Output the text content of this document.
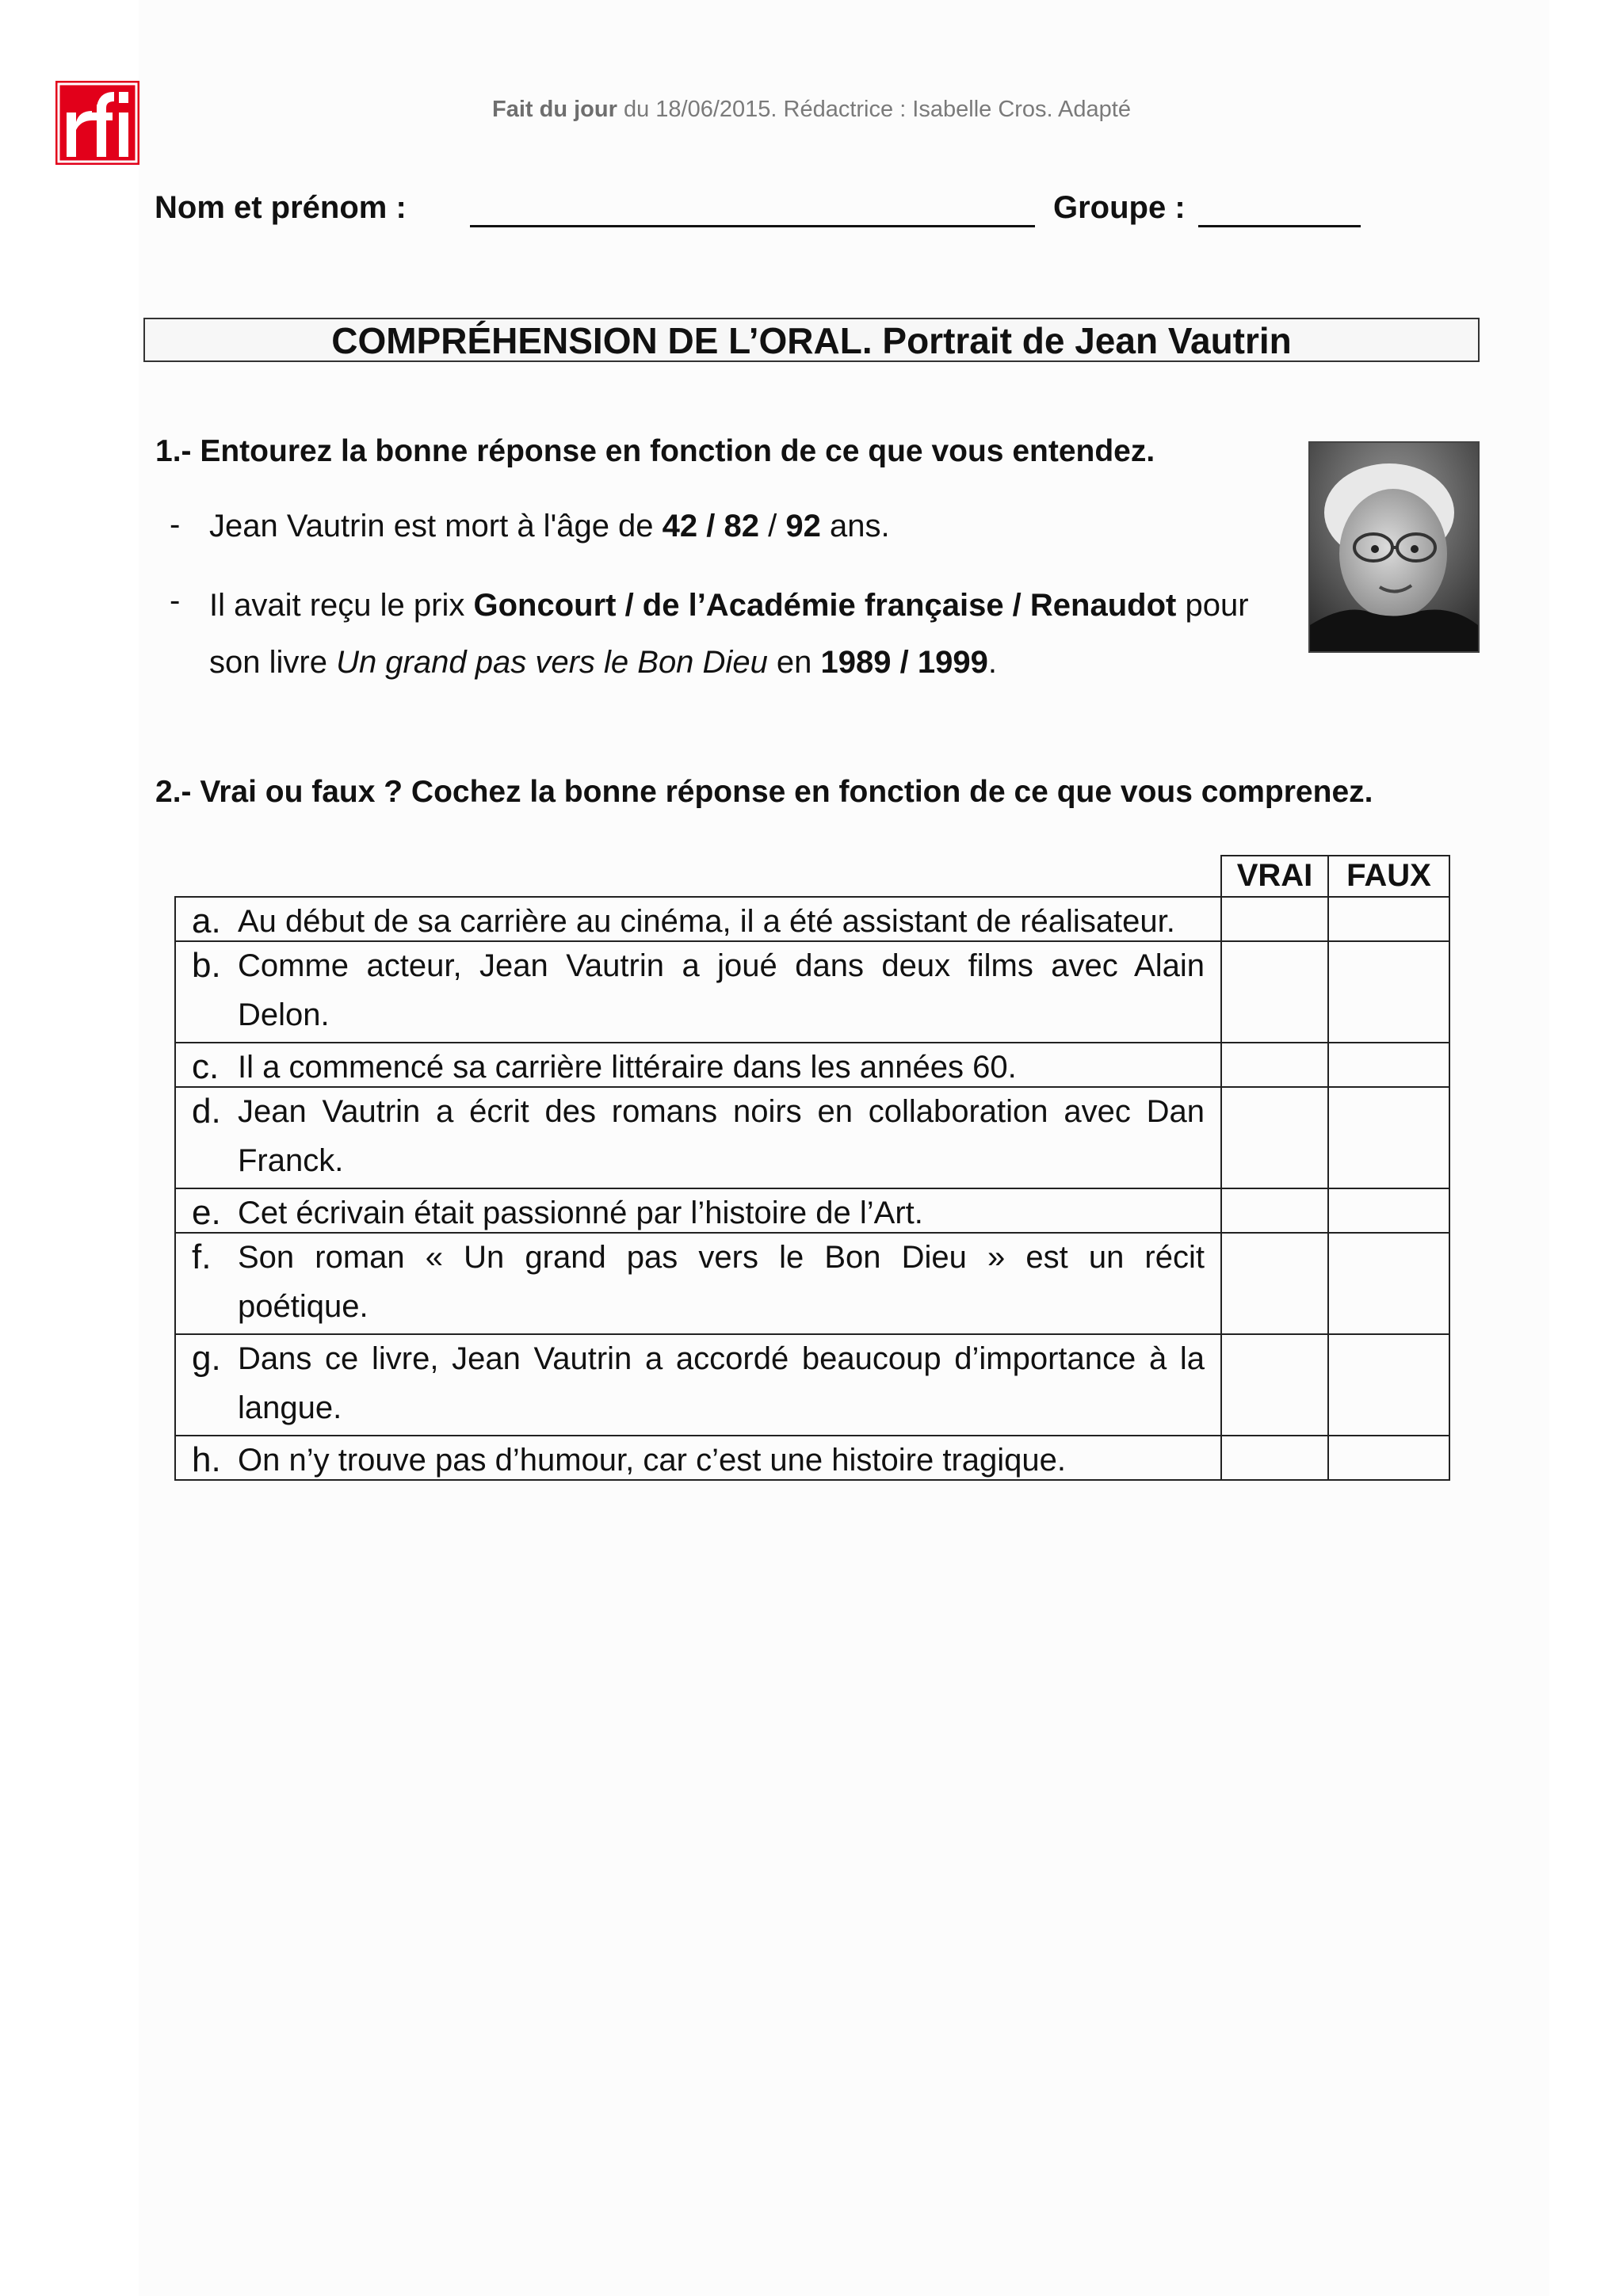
Fait du jour du 18/06/2015. Rédactrice : Isabelle Cros. Adapté
Nom et prénom :	Groupe :
COMPRÉHENSION DE L’ORAL. Portrait de Jean Vautrin
1.- Entourez la bonne réponse en fonction de ce que vous entendez.
- Jean Vautrin est mort à l'âge de 42 / 82 / 92 ans.
- Il avait reçu le prix Goncourt / de l’Académie française / Renaudot pour son livre Un grand pas vers le Bon Dieu en 1989 / 1999.
2.- Vrai ou faux ? Cochez la bonne réponse en fonction de ce que vous comprenez.
	VRAI	FAUX

a. Au début de sa carrière au cinéma, il a été assistant de réalisateur.		

b. Comme acteur, Jean Vautrin a joué dans deux films avec Alain
Delon.		

c. Il a commencé sa carrière littéraire dans les années 60.		

d. Jean Vautrin a écrit des romans noirs en collaboration avec Dan
Franck.		

e. Cet écrivain était passionné par l’histoire de l’Art.		

f. Son roman « Un grand pas vers le Bon Dieu » est un récit
poétique.		

g. Dans ce livre, Jean Vautrin a accordé beaucoup d’importance à la
langue.		

h. On n’y trouve pas d’humour, car c’est une histoire tragique.		
